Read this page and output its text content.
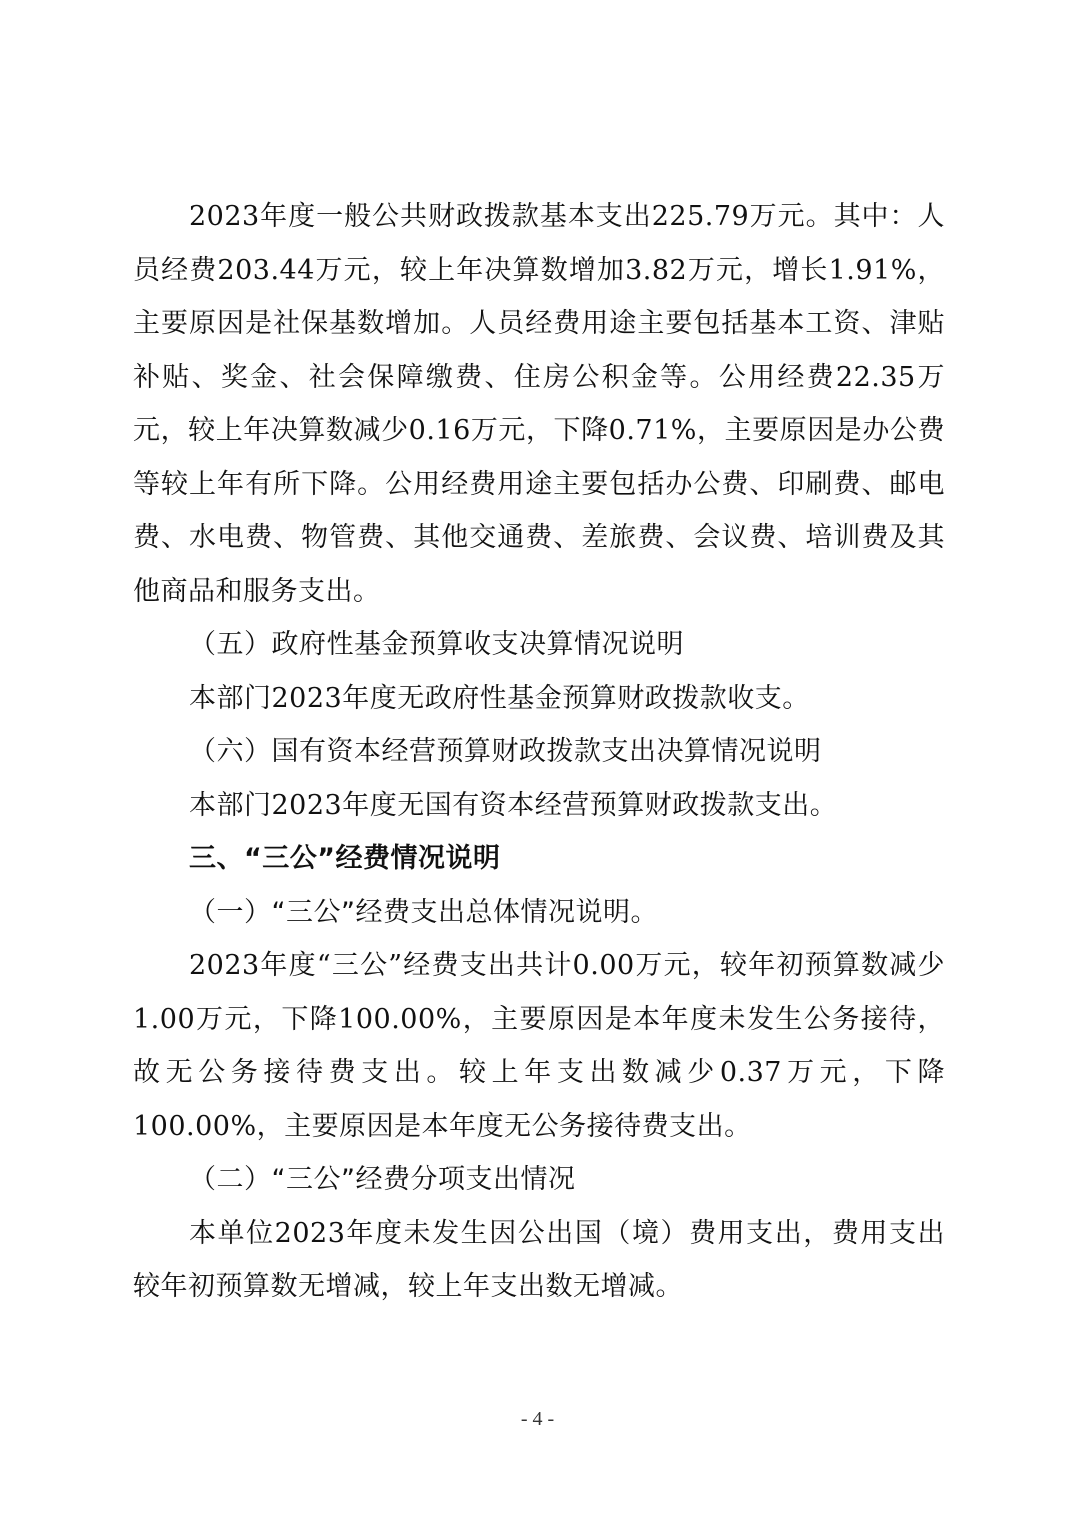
2023年度一般公共财政拨款基本支出225.79万元。其中：人员经费203.44万元，较上年决算数增加3.82万元，增长1.91%，主要原因是社保基数增加。人员经费用途主要包括基本工资、津贴补贴、奖金、社会保障缴费、住房公积金等。公用经费22.35万元，较上年决算数减少0.16万元，下降0.71%，主要原因是办公费等较上年有所下降。公用经费用途主要包括办公费、印刷费、邮电费、水电费、物管费、其他交通费、差旅费、会议费、培训费及其他商品和服务支出。

（五）政府性基金预算收支决算情况说明

本部门2023年度无政府性基金预算财政拨款收支。

（六）国有资本经营预算财政拨款支出决算情况说明

本部门2023年度无国有资本经营预算财政拨款支出。

三、“三公”经费情况说明

（一）“三公”经费支出总体情况说明。

2023年度“三公”经费支出共计0.00万元，较年初预算数减少1.00万元，下降100.00%，主要原因是本年度未发生公务接待，故无公务接待费支出。较上年支出数减少0.37万元，下降100.00%，主要原因是本年度无公务接待费支出。

（二）“三公”经费分项支出情况

本单位2023年度未发生因公出国（境）费用支出，费用支出较年初预算数无增减，较上年支出数无增减。

- 4 -
